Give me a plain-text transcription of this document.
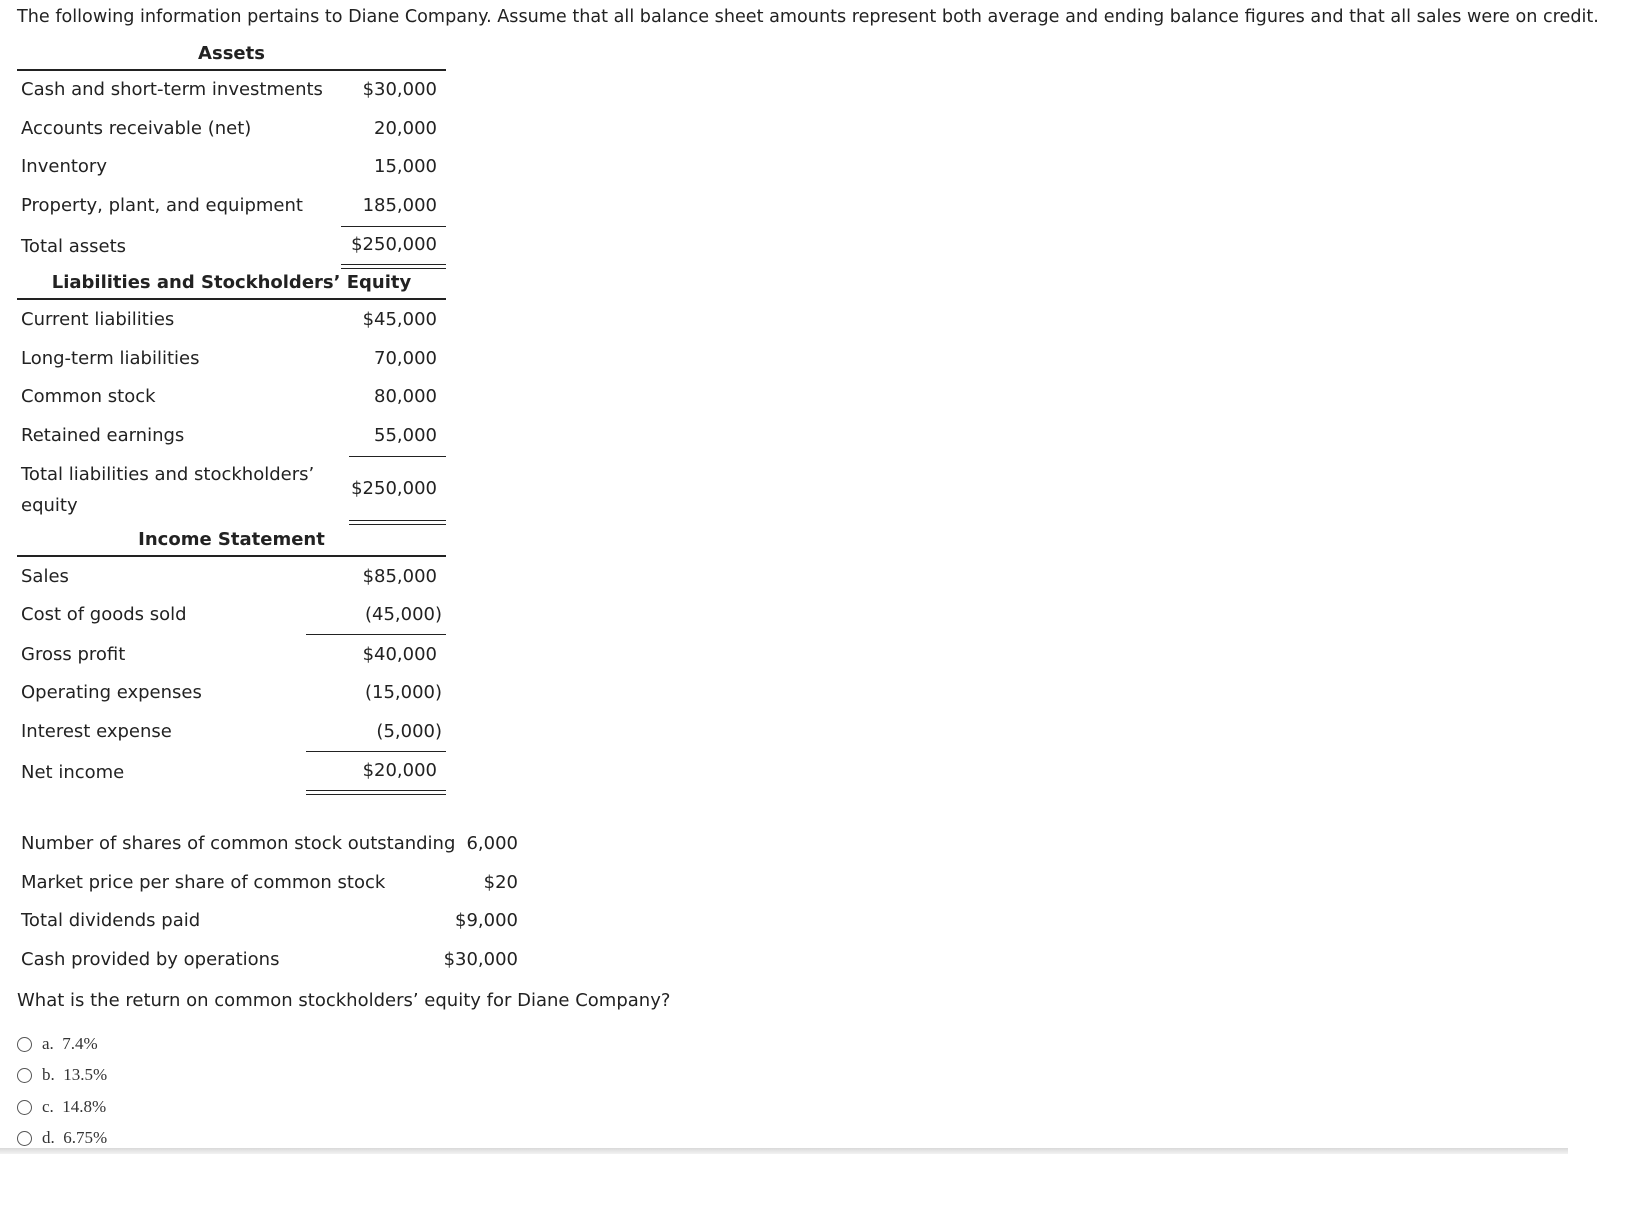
The following information pertains to Diane Company. Assume that all balance sheet amounts represent both average and ending balance figures and that all sales were on credit.
Assets
Cash and short-term investments $30,000
Accounts receivable (net)	20,000
Inventory	15,000
Property, plant, and equipment	185,000
Total assets	$250,000
Liabilities and Stockholders’ Equity
Current liabilities	$45,000
Long-term liabilities	70,000
Common stock	80,000
Retained earnings	55,000
Total liabilities and stockholders’
equity
$250,000
Income Statement
Sales	$85,000
Cost of goods sold	(45,000)
Gross profit	$40,000
Operating expenses	(15,000)
Interest expense	(5,000)
Net income	$20,000
Number of shares of common stock outstanding 6,000
Market price per share of common stock	$20
Total dividends paid	$9,000
Cash provided by operations	$30,000
What is the return on common stockholders’ equity for Diane Company?
a. 7.4%
b. 13.5%
c. 14.8%
d. 6.75%
